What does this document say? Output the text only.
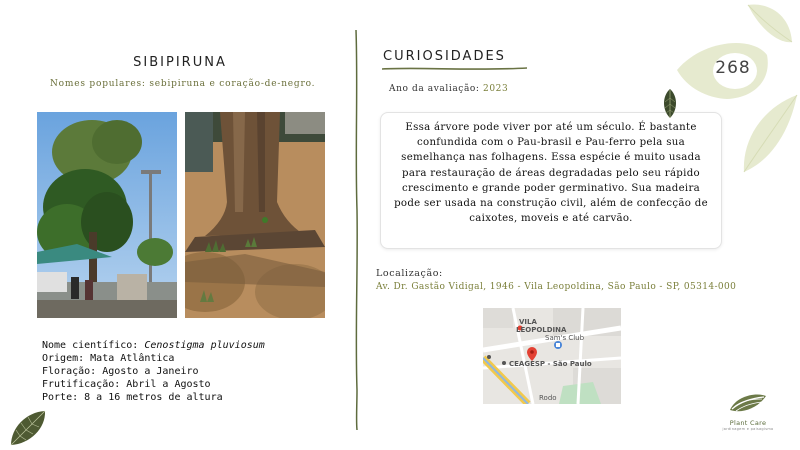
SIBIPIRUNA
Nomes populares: sebipiruna e coração-de-negro.
Nome científico: Cenostigma pluviosum
Origem: Mata Atlântica
Floração: Agosto a Janeiro
Frutificação: Abril a Agosto
Porte: 8 a 16 metros de altura
CURIOSIDADES
Ano da avaliação: 2023
Essa árvore pode viver por até um século. É bastante confundida com o Pau-brasil e Pau-ferro pela sua semelhança nas folhagens. Essa espécie é muito usada para restauração de áreas degradadas pelo seu rápido crescimento e grande poder germinativo. Sua madeira pode ser usada na construção civil, além de confecção de caixotes, moveis e até carvão.
Localização:
Av. Dr. Gastão Vidigal, 1946 - Vila Leopoldina, São Paulo - SP, 05314-000
VILA
LEOPOLDINA
Sam's Club
CEAGESP - São Paulo
Rodo
268
Plant Care
jardinagem e paisagismo
